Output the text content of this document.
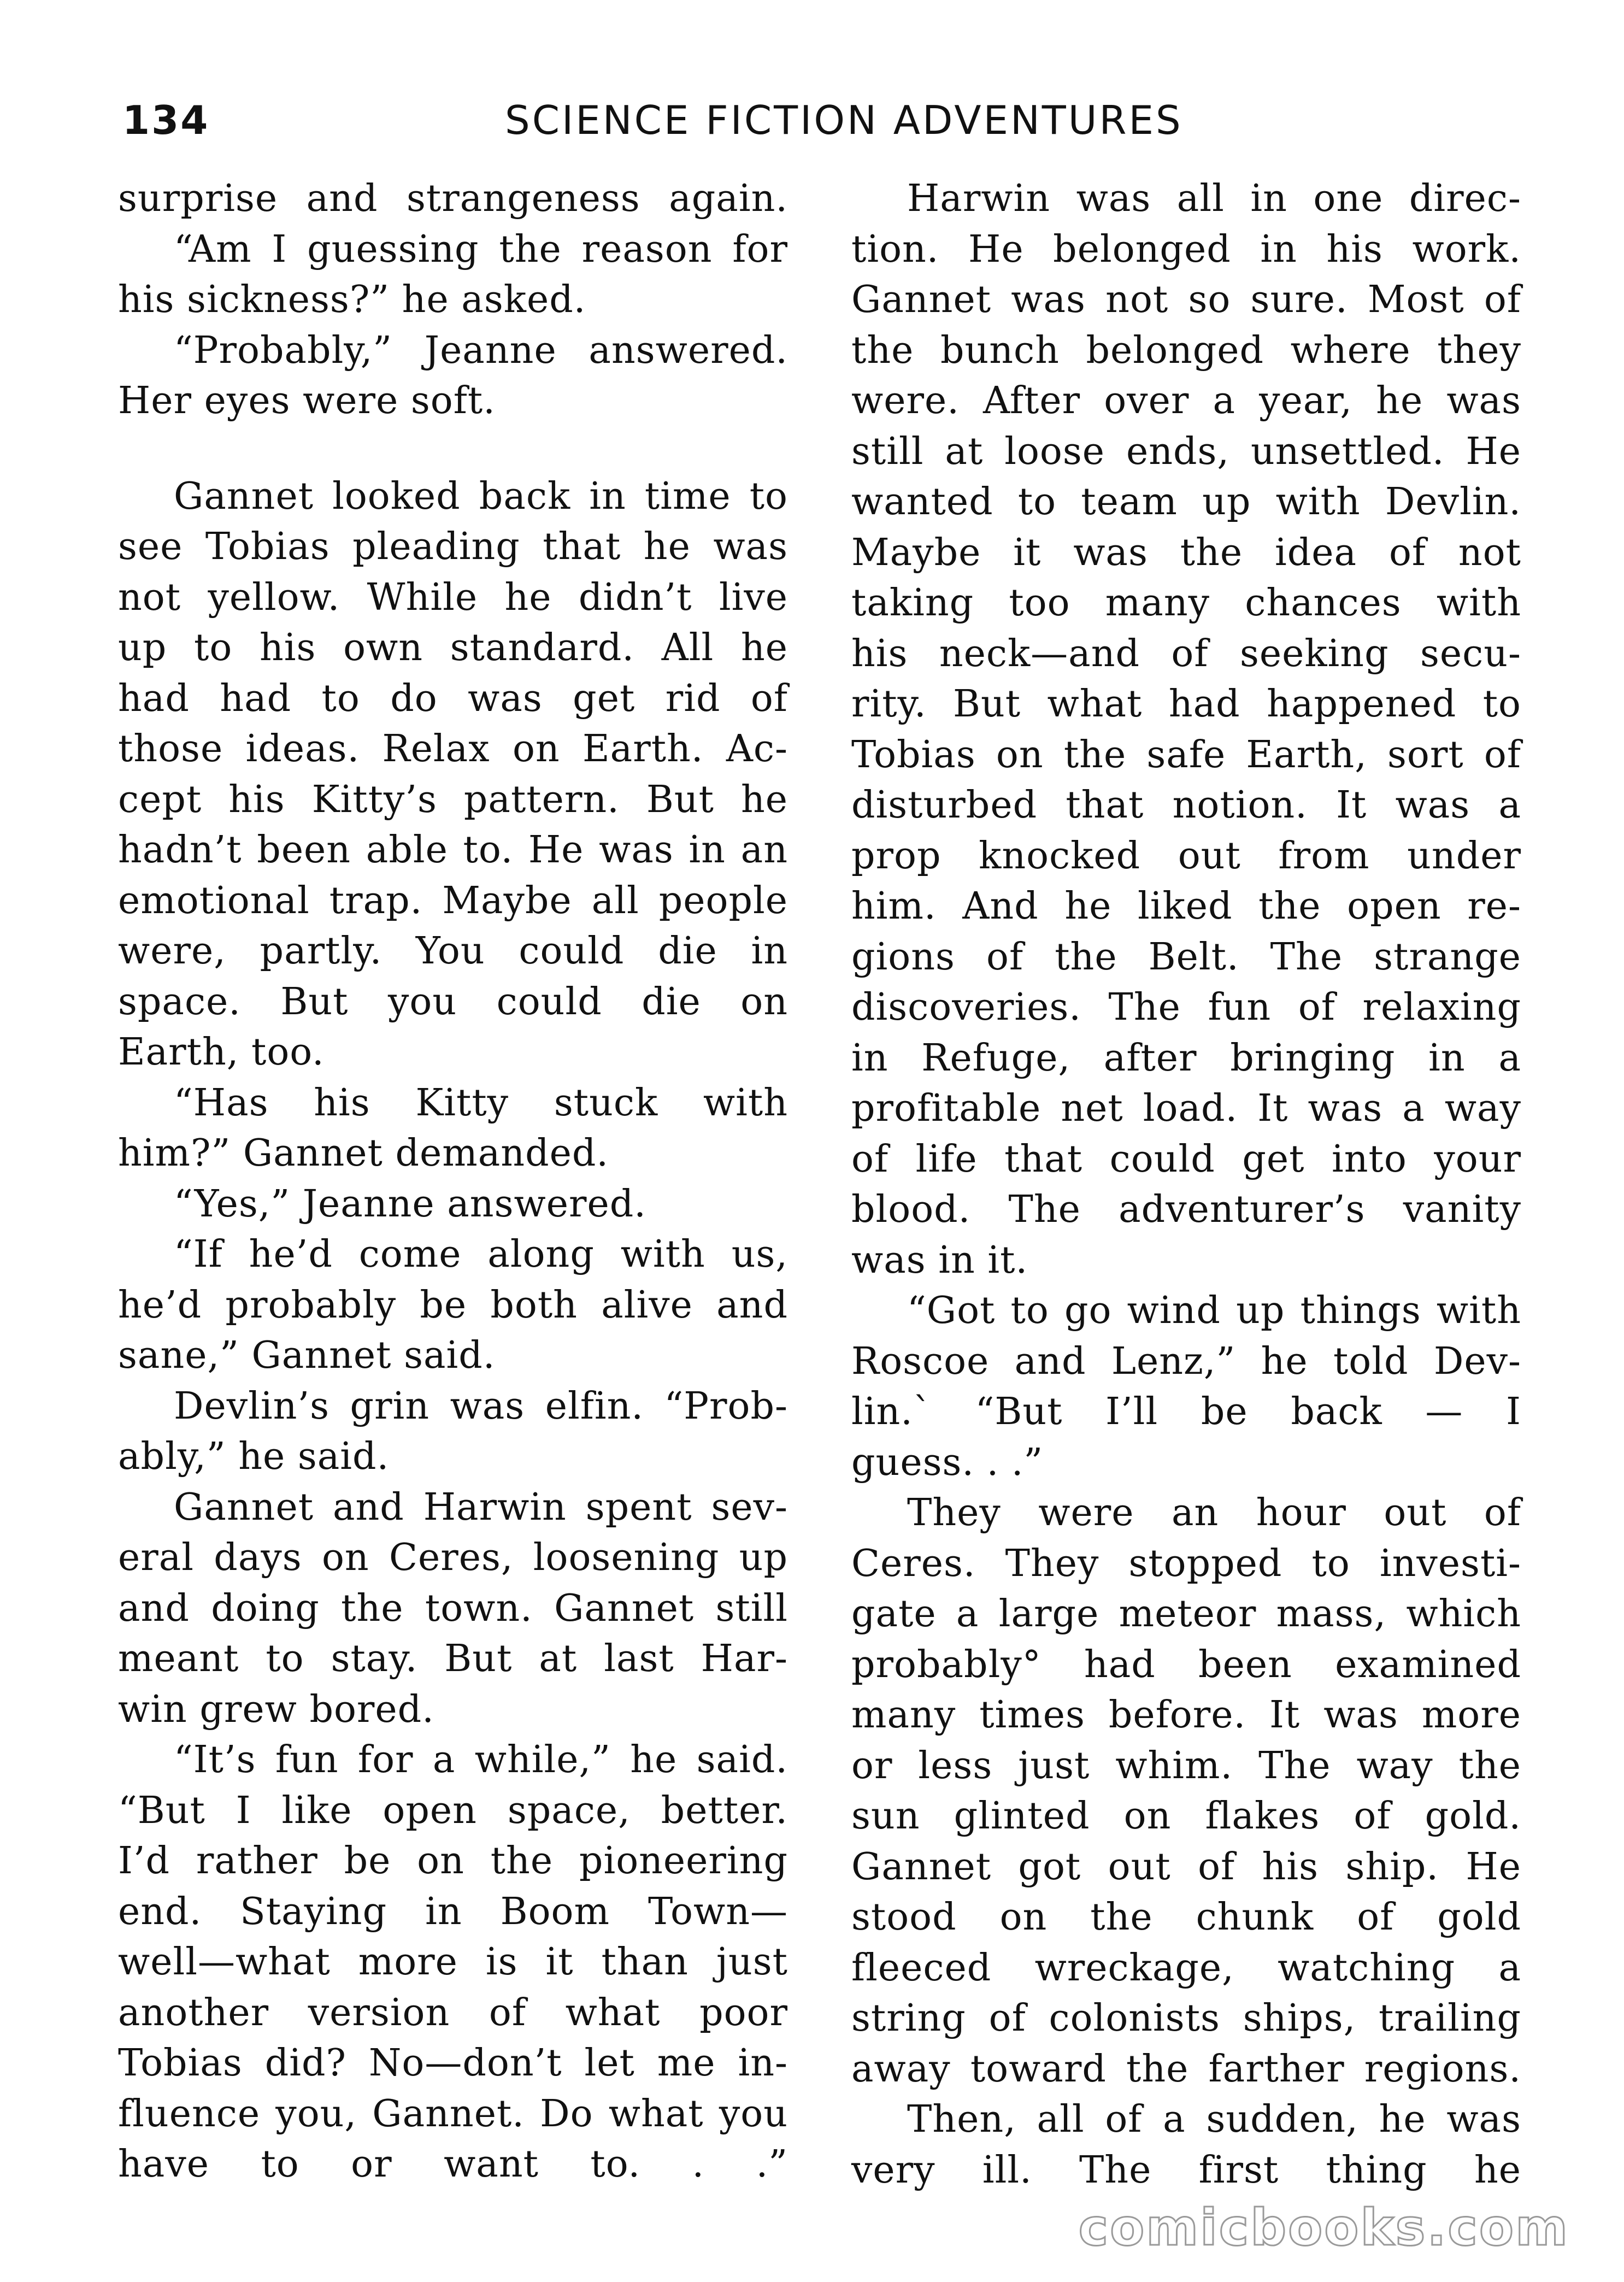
134	SCIENCE FICTION ADVENTURES
surprise and strangeness again.
“Am I guessing the reason for
his sickness?” he asked.
“Probably,” Jeanne answered.
Her eyes were soft.
Gannet looked back in time to
see Tobias pleading that he was
not yellow. While he didn’t live
up to his own standard. All he
had had to do was get rid of
those ideas. Relax on Earth. Ac-
cept his Kitty’s pattern. But he
hadn’t been able to. He was in an
emotional trap. Maybe all people
were, partly. You could die in
space. But you could die on
Earth, too.
“Has his Kitty stuck with
him?” Gannet demanded.
“Yes,” Jeanne answered.
“If he’d come along with us,
he’d probably be both alive and
sane,” Gannet said.
Devlin’s grin was elfin. “Prob-
ably,” he said.
Gannet and Harwin spent sev-
eral days on Ceres, loosening up
and doing the town. Gannet still
meant to stay. But at last Har-
win grew bored.
“It’s fun for a while,” he said.
“But I like open space, better.
I’d rather be on the pioneering
end. Staying in Boom Town—
well—what more is it than just
another version of what poor
Tobias did? No—don’t let me in-
fluence you, Gannet. Do what you
have to or want to. . .”
Harwin was all in one direc-
tion. He belonged in his work.
Gannet was not so sure. Most of
the bunch belonged where they
were. After over a year, he was
still at loose ends, unsettled. He
wanted to team up with Devlin.
Maybe it was the idea of not
taking too many chances with
his neck—and of seeking secu-
rity. But what had happened to
Tobias on the safe Earth, sort of
disturbed that notion. It was a
prop knocked out from under
him. And he liked the open re-
gions of the Belt. The strange
discoveries. The fun of relaxing
in Refuge, after bringing in a
profitable net load. It was a way
of life that could get into your
blood. The adventurer’s vanity
was in it.
“Got to go wind up things with
Roscoe and Lenz,” he told Dev-
lin.` “But I’ll be back — I
guess. . .”
They were an hour out of
Ceres. They stopped to investi-
gate a large meteor mass, which
probably° had been examined
many times before. It was more
or less just whim. The way the
sun glinted on flakes of gold.
Gannet got out of his ship. He
stood on the chunk of gold
fleeced wreckage, watching a
string of colonists ships, trailing
away toward the farther regions.
Then, all of a sudden, he was
very ill. The first thing he
comicbooks.com
